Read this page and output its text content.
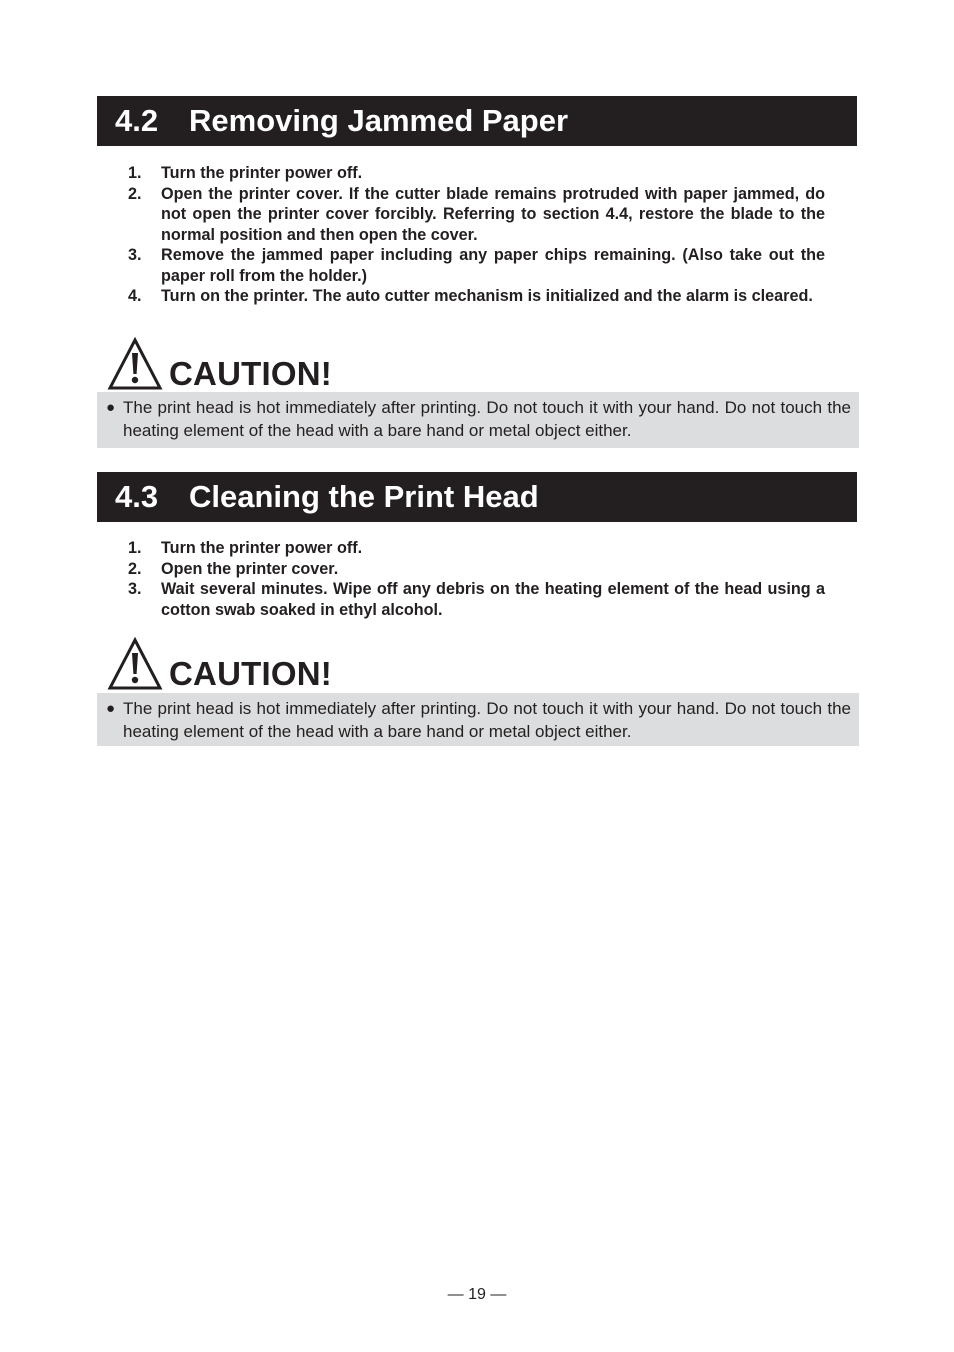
4.2 Removing Jammed Paper
1.	Turn the printer power off.
2.	Open the printer cover. If the cutter blade remains protruded with paper jammed, do not open the printer cover forcibly. Referring to section 4.4, restore the blade to the normal position and then open the cover.
3.	Remove the jammed paper including any paper chips remaining. (Also take out the paper roll from the holder.)
4.	Turn on the printer. The auto cutter mechanism is initialized and the alarm is cleared.
CAUTION!
● The print head is hot immediately after printing. Do not touch it with your hand. Do not touch the heating element of the head with a bare hand or metal object either.
4.3 Cleaning the Print Head
1.	Turn the printer power off.
2.	Open the printer cover.
3.	Wait several minutes. Wipe off any debris on the heating element of the head using a cotton swab soaked in ethyl alcohol.
CAUTION!
● The print head is hot immediately after printing. Do not touch it with your hand. Do not touch the heating element of the head with a bare hand or metal object either.
— 19 —
